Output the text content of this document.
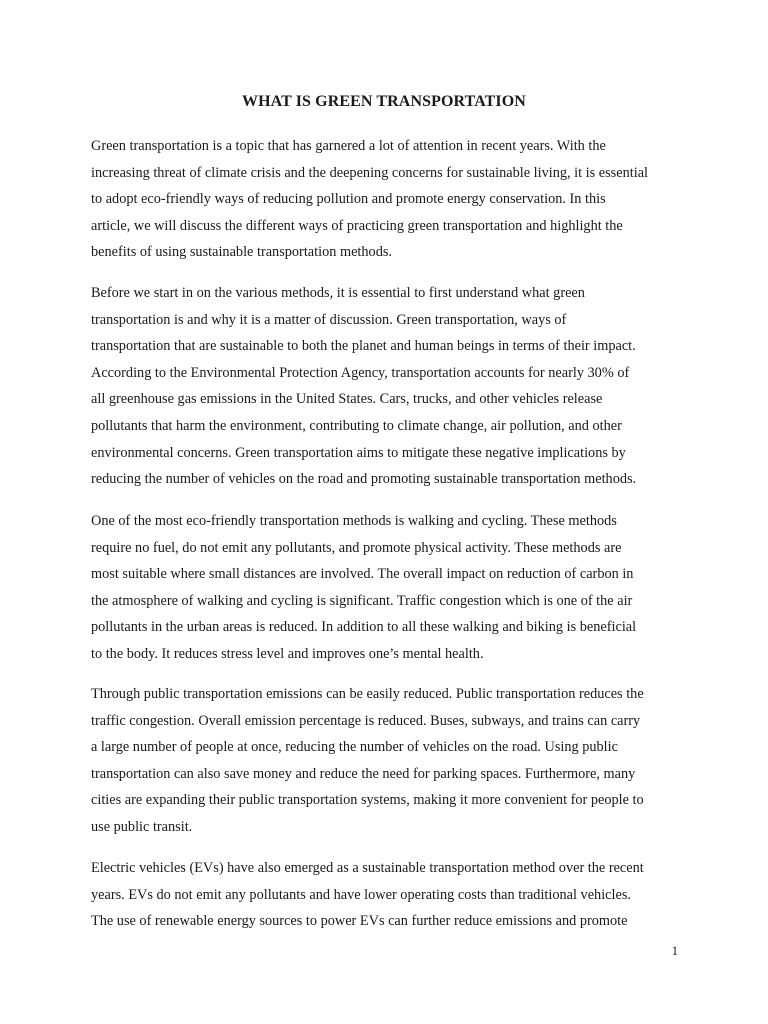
WHAT IS GREEN TRANSPORTATION
Green transportation is a topic that has garnered a lot of attention in recent years. With the
increasing threat of climate crisis and the deepening concerns for sustainable living, it is essential
to adopt eco-friendly ways of reducing pollution and promote energy conservation. In this
article, we will discuss the different ways of practicing green transportation and highlight the
benefits of using sustainable transportation methods.
Before we start in on the various methods, it is essential to first understand what green
transportation is and why it is a matter of discussion. Green transportation, ways of
transportation that are sustainable to both the planet and human beings in terms of their impact.
According to the Environmental Protection Agency, transportation accounts for nearly 30% of
all greenhouse gas emissions in the United States. Cars, trucks, and other vehicles release
pollutants that harm the environment, contributing to climate change, air pollution, and other
environmental concerns. Green transportation aims to mitigate these negative implications by
reducing the number of vehicles on the road and promoting sustainable transportation methods.
One of the most eco-friendly transportation methods is walking and cycling. These methods
require no fuel, do not emit any pollutants, and promote physical activity. These methods are
most suitable where small distances are involved. The overall impact on reduction of carbon in
the atmosphere of walking and cycling is significant. Traffic congestion which is one of the air
pollutants in the urban areas is reduced. In addition to all these walking and biking is beneficial
to the body. It reduces stress level and improves one’s mental health.
Through public transportation emissions can be easily reduced. Public transportation reduces the
traffic congestion. Overall emission percentage is reduced. Buses, subways, and trains can carry
a large number of people at once, reducing the number of vehicles on the road. Using public
transportation can also save money and reduce the need for parking spaces. Furthermore, many
cities are expanding their public transportation systems, making it more convenient for people to
use public transit.
Electric vehicles (EVs) have also emerged as a sustainable transportation method over the recent
years. EVs do not emit any pollutants and have lower operating costs than traditional vehicles.
The use of renewable energy sources to power EVs can further reduce emissions and promote
1
